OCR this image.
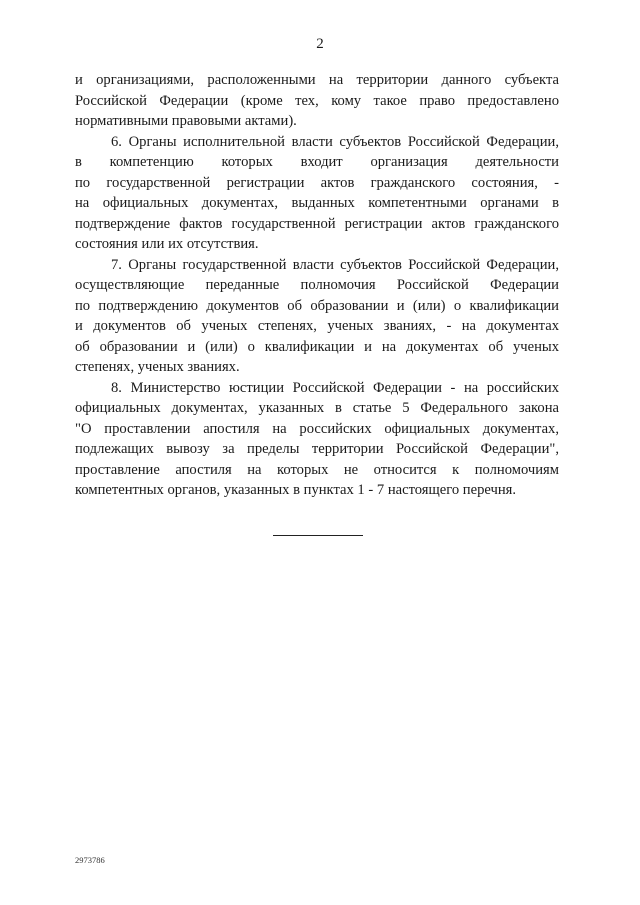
2
и организациями, расположенными на территории данного субъекта
Российской Федерации (кроме тех, кому такое право предоставлено
нормативными правовыми актами).
6. Органы исполнительной власти субъектов Российской Федерации,
в компетенцию которых входит организация деятельности
по государственной регистрации актов гражданского состояния, -
на официальных документах, выданных компетентными органами в
подтверждение фактов государственной регистрации актов гражданского
состояния или их отсутствия.
7. Органы государственной власти субъектов Российской Федерации,
осуществляющие переданные полномочия Российской Федерации
по подтверждению документов об образовании и (или) о квалификации
и документов об ученых степенях, ученых званиях, - на документах
об образовании и (или) о квалификации и на документах об ученых
степенях, ученых званиях.
8. Министерство юстиции Российской Федерации - на российских
официальных документах, указанных в статье 5 Федерального закона
"О проставлении апостиля на российских официальных документах,
подлежащих вывозу за пределы территории Российской Федерации",
проставление апостиля на которых не относится к полномочиям
компетентных органов, указанных в пунктах 1 - 7 настоящего перечня.
2973786
